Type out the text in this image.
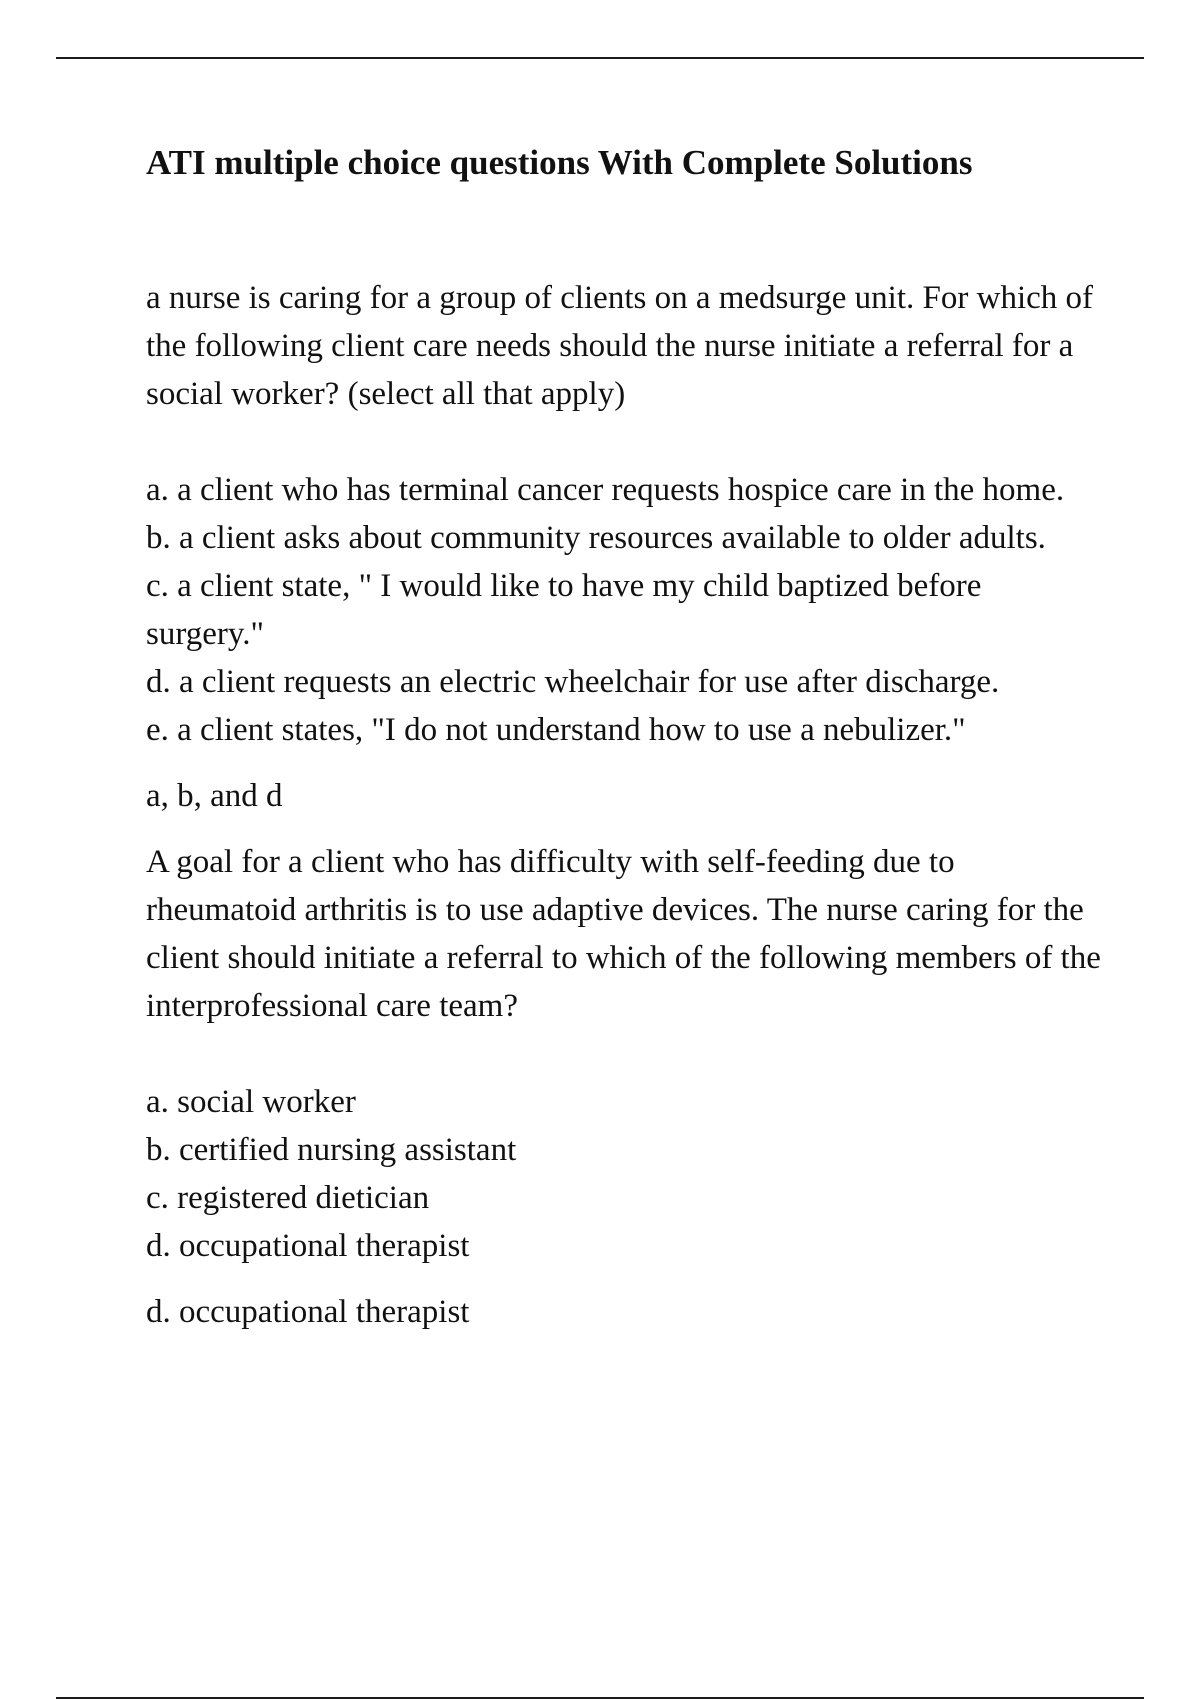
ATI multiple choice questions With Complete Solutions

a nurse is caring for a group of clients on a medsurge unit. For which of the following client care needs should the nurse initiate a referral for a social worker? (select all that apply)

a. a client who has terminal cancer requests hospice care in the home.
b. a client asks about community resources available to older adults.
c. a client state, " I would like to have my child baptized before surgery."
d. a client requests an electric wheelchair for use after discharge.
e. a client states, "I do not understand how to use a nebulizer."

a, b, and d

A goal for a client who has difficulty with self-feeding due to rheumatoid arthritis is to use adaptive devices. The nurse caring for the client should initiate a referral to which of the following members of the interprofessional care team?

a. social worker
b. certified nursing assistant
c. registered dietician
d. occupational therapist

d. occupational therapist
